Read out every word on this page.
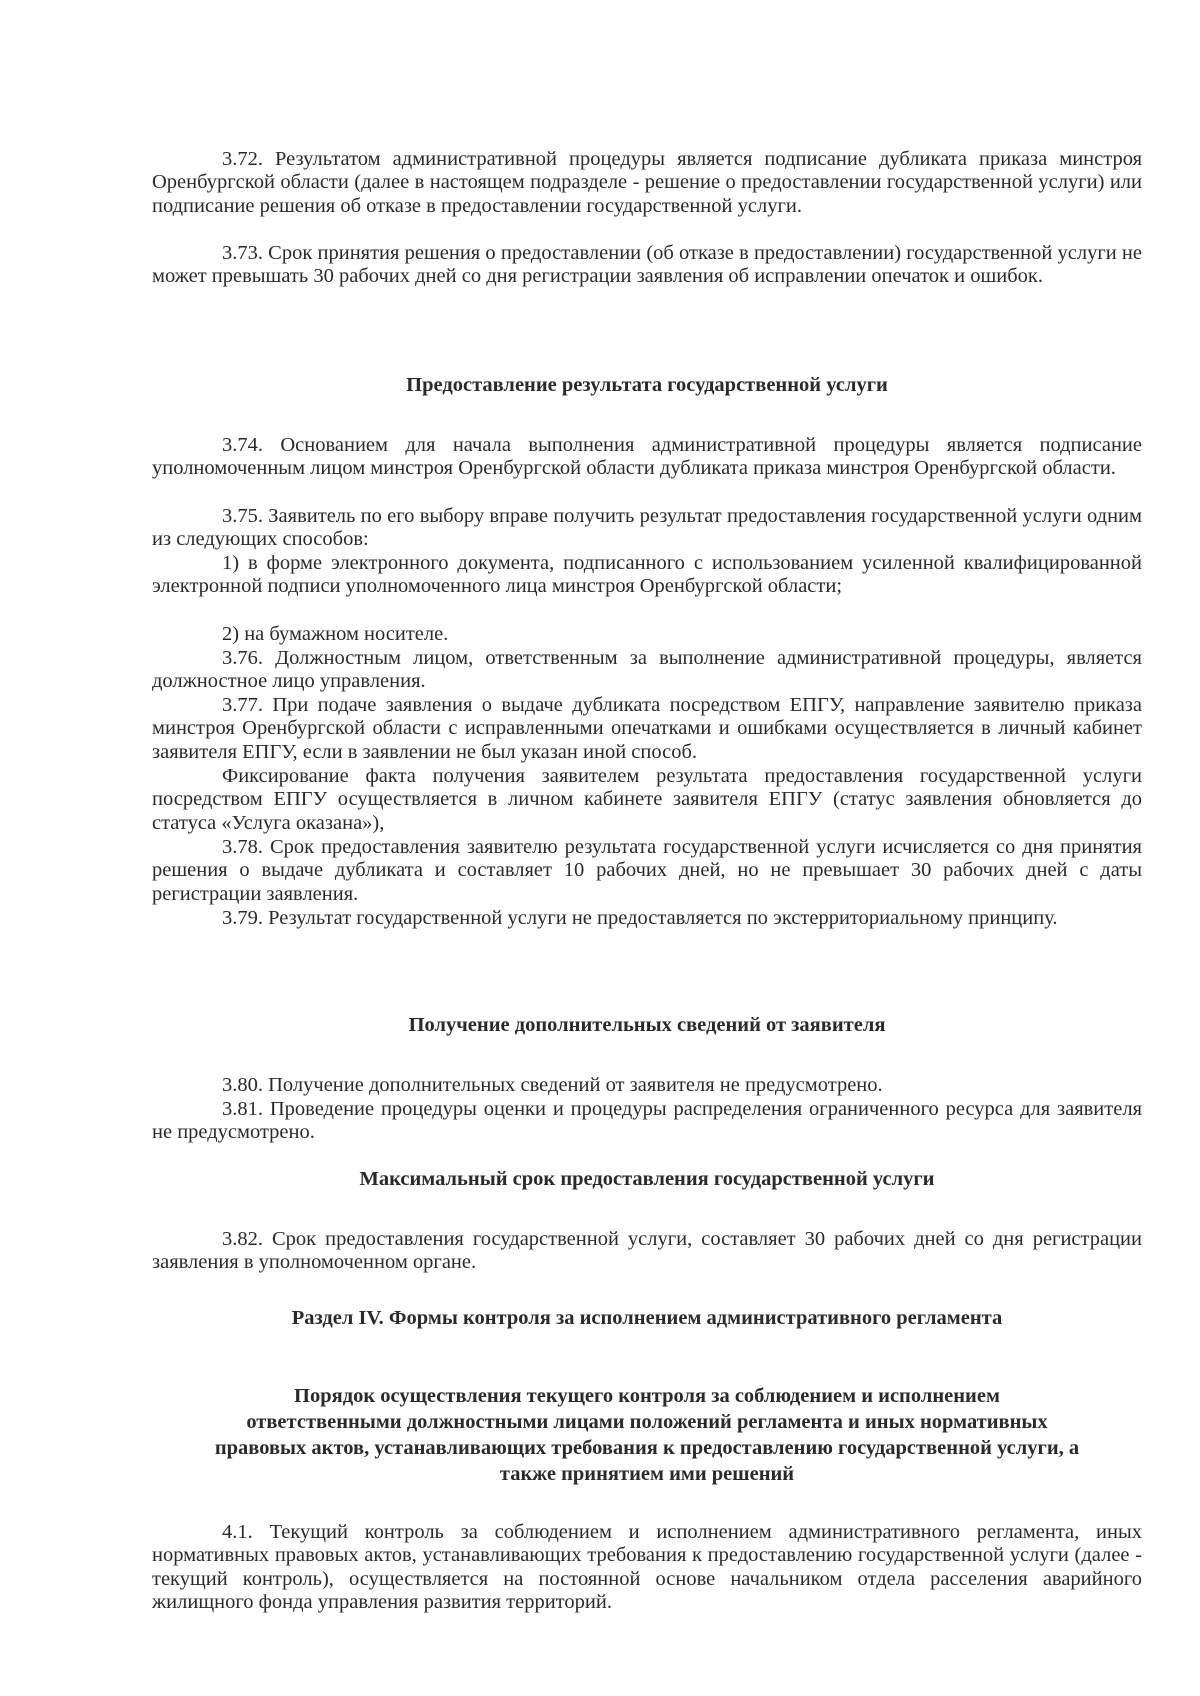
3.72. Результатом административной процедуры является подписание дубликата приказа минстроя Оренбургской области (далее в настоящем подразделе - решение о предоставлении государственной услуги) или подписание решения об отказе в предоставлении государственной услуги.

3.73. Срок принятия решения о предоставлении (об отказе в предоставлении) государственной услуги не может превышать 30 рабочих дней со дня регистрации заявления об исправлении опечаток и ошибок.

Предоставление результата государственной услуги

3.74. Основанием для начала выполнения административной процедуры является подписание уполномоченным лицом минстроя Оренбургской области дубликата приказа минстроя Оренбургской области.

3.75. Заявитель по его выбору вправе получить результат предоставления государственной услуги одним из следующих способов:

1) в форме электронного документа, подписанного с использованием усиленной квалифицированной электронной подписи уполномоченного лица минстроя Оренбургской области;

2) на бумажном носителе.

3.76. Должностным лицом, ответственным за выполнение административной процедуры, является должностное лицо управления.

3.77. При подаче заявления о выдаче дубликата посредством ЕПГУ, направление заявителю приказа минстроя Оренбургской области с исправленными опечатками и ошибками осуществляется в личный кабинет заявителя ЕПГУ, если в заявлении не был указан иной способ.

Фиксирование факта получения заявителем результата предоставления государственной услуги посредством ЕПГУ осуществляется в личном кабинете заявителя ЕПГУ (статус заявления обновляется до статуса «Услуга оказана»),

3.78. Срок предоставления заявителю результата государственной услуги исчисляется со дня принятия решения о выдаче дубликата и составляет 10 рабочих дней, но не превышает 30 рабочих дней с даты регистрации заявления.

3.79. Результат государственной услуги не предоставляется по экстерриториальному принципу.

Получение дополнительных сведений от заявителя

3.80. Получение дополнительных сведений от заявителя не предусмотрено.

3.81. Проведение процедуры оценки и процедуры распределения ограниченного ресурса для заявителя не предусмотрено.

Максимальный срок предоставления государственной услуги

3.82. Срок предоставления государственной услуги, составляет 30 рабочих дней со дня регистрации заявления в уполномоченном органе.

Раздел IV. Формы контроля за исполнением административного регламента
Порядок осуществления текущего контроля за соблюдением и исполнением
ответственными должностными лицами положений регламента и иных нормативных
правовых актов, устанавливающих требования к предоставлению государственной услуги, а
также принятием ими решений

4.1. Текущий контроль за соблюдением и исполнением административного регламента, иных нормативных правовых актов, устанавливающих требования к предоставлению государственной услуги (далее - текущий контроль), осуществляется на постоянной основе начальником отдела расселения аварийного жилищного фонда управления развития территорий.
